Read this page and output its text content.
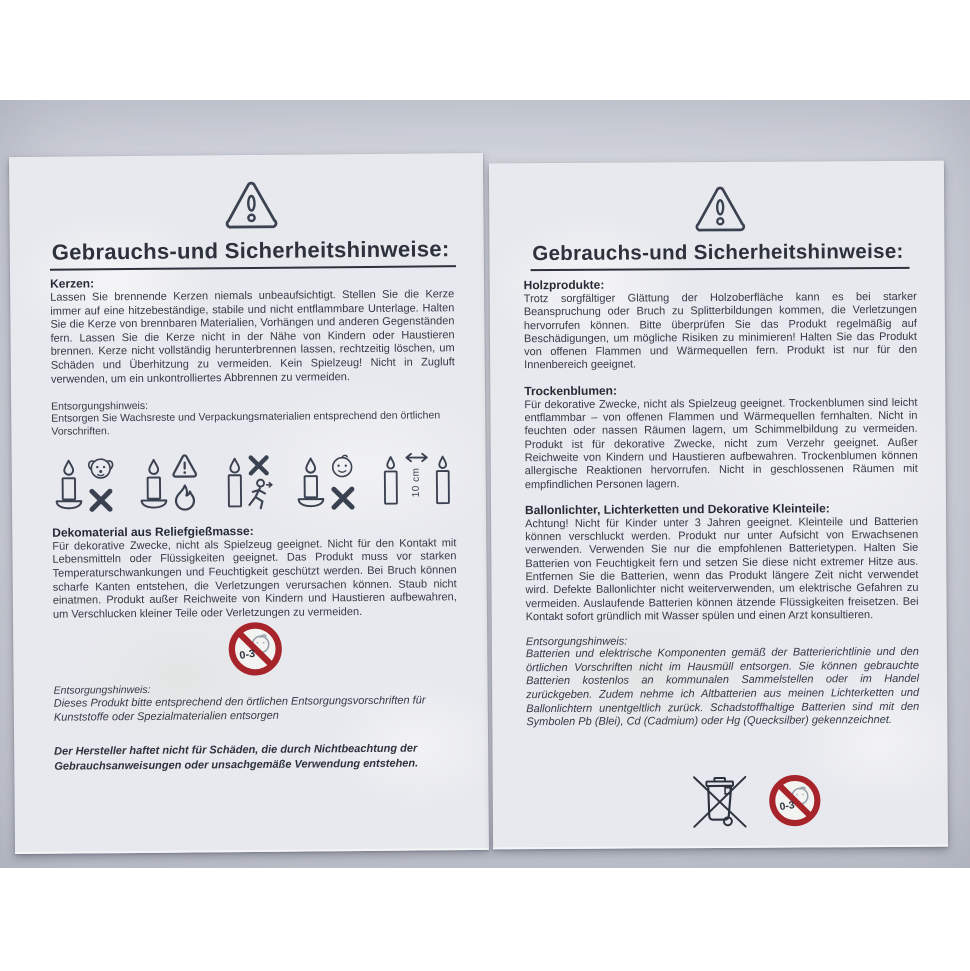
Gebrauchs-und Sicherheitshinweise:
Kerzen:

Lassen Sie brennende Kerzen niemals unbeaufsichtigt. Stellen Sie die Kerze immer auf eine hitzebeständige, stabile und nicht entflammbare Unterlage. Halten Sie die Kerze von brennbaren Materialien, Vorhängen und anderen Gegenständen fern. Lassen Sie die Kerze nicht in der Nähe von Kindern oder Haustieren brennen. Kerze nicht vollständig herunterbrennen lassen, rechtzeitig löschen, um Schäden und Überhitzung zu vermeiden. Kein Spielzeug! Nicht in Zugluft verwenden, um ein unkontrolliertes Abbrennen zu vermeiden.

Entsorgungshinweis:

Entsorgen Sie Wachsreste und Verpackungsmaterialien entsprechend den örtlichen Vorschriften.

10 cm
Dekomaterial aus Reliefgießmasse:

Für dekorative Zwecke, nicht als Spielzeug geeignet. Nicht für den Kontakt mit Lebensmitteln oder Flüssigkeiten geeignet. Das Produkt muss vor starken Temperaturschwankungen und Feuchtigkeit geschützt werden. Bei Bruch können scharfe Kanten entstehen, die Verletzungen verursachen können. Staub nicht einatmen. Produkt außer Reichweite von Kindern und Haustieren aufbewahren, um Verschlucken kleiner Teile oder Verletzungen zu vermeiden.

0-3

Entsorgungshinweis:

Dieses Produkt bitte entsprechend den örtlichen Entsorgungsvorschriften für Kunststoffe oder Spezialmaterialien entsorgen

Der Hersteller haftet nicht für Schäden, die durch Nichtbeachtung der Gebrauchsanweisungen oder unsachgemäße Verwendung entstehen.

Gebrauchs-und Sicherheitshinweise:
Holzprodukte:

Trotz sorgfältiger Glättung der Holzoberfläche kann es bei starker Beanspruchung oder Bruch zu Splitterbildungen kommen, die Verletzungen hervorrufen können. Bitte überprüfen Sie das Produkt regelmäßig auf Beschädigungen, um mögliche Risiken zu minimieren! Halten Sie das Produkt von offenen Flammen und Wärmequellen fern. Produkt ist nur für den Innenbereich geeignet.

Trockenblumen:

Für dekorative Zwecke, nicht als Spielzeug geeignet. Trockenblumen sind leicht entflammbar – von offenen Flammen und Wärmequellen fernhalten. Nicht in feuchten oder nassen Räumen lagern, um Schimmelbildung zu vermeiden. Produkt ist für dekorative Zwecke, nicht zum Verzehr geeignet. Außer Reichweite von Kindern und Haustieren aufbewahren. Trockenblumen können allergische Reaktionen hervorrufen. Nicht in geschlossenen Räumen mit empfindlichen Personen lagern.

Ballonlichter, Lichterketten und Dekorative Kleinteile:

Achtung! Nicht für Kinder unter 3 Jahren geeignet. Kleinteile und Batterien können verschluckt werden. Produkt nur unter Aufsicht von Erwachsenen verwenden. Verwenden Sie nur die empfohlenen Batterietypen. Halten Sie Batterien von Feuchtigkeit fern und setzen Sie diese nicht extremer Hitze aus. Entfernen Sie die Batterien, wenn das Produkt längere Zeit nicht verwendet wird. Defekte Ballonlichter nicht weiterverwenden, um elektrische Gefahren zu vermeiden. Auslaufende Batterien können ätzende Flüssigkeiten freisetzen. Bei Kontakt sofort gründlich mit Wasser spülen und einen Arzt konsultieren.

Entsorgungshinweis:

Batterien und elektrische Komponenten gemäß der Batterierichtlinie und den örtlichen Vorschriften nicht im Hausmüll entsorgen. Sie können gebrauchte Batterien kostenlos an kommunalen Sammelstellen oder im Handel zurückgeben. Zudem nehme ich Altbatterien aus meinen Lichterketten und Ballonlichtern unentgeltlich zurück. Schadstoffhaltige Batterien sind mit den Symbolen Pb (Blei), Cd (Cadmium) oder Hg (Quecksilber) gekennzeichnet.

0-3
